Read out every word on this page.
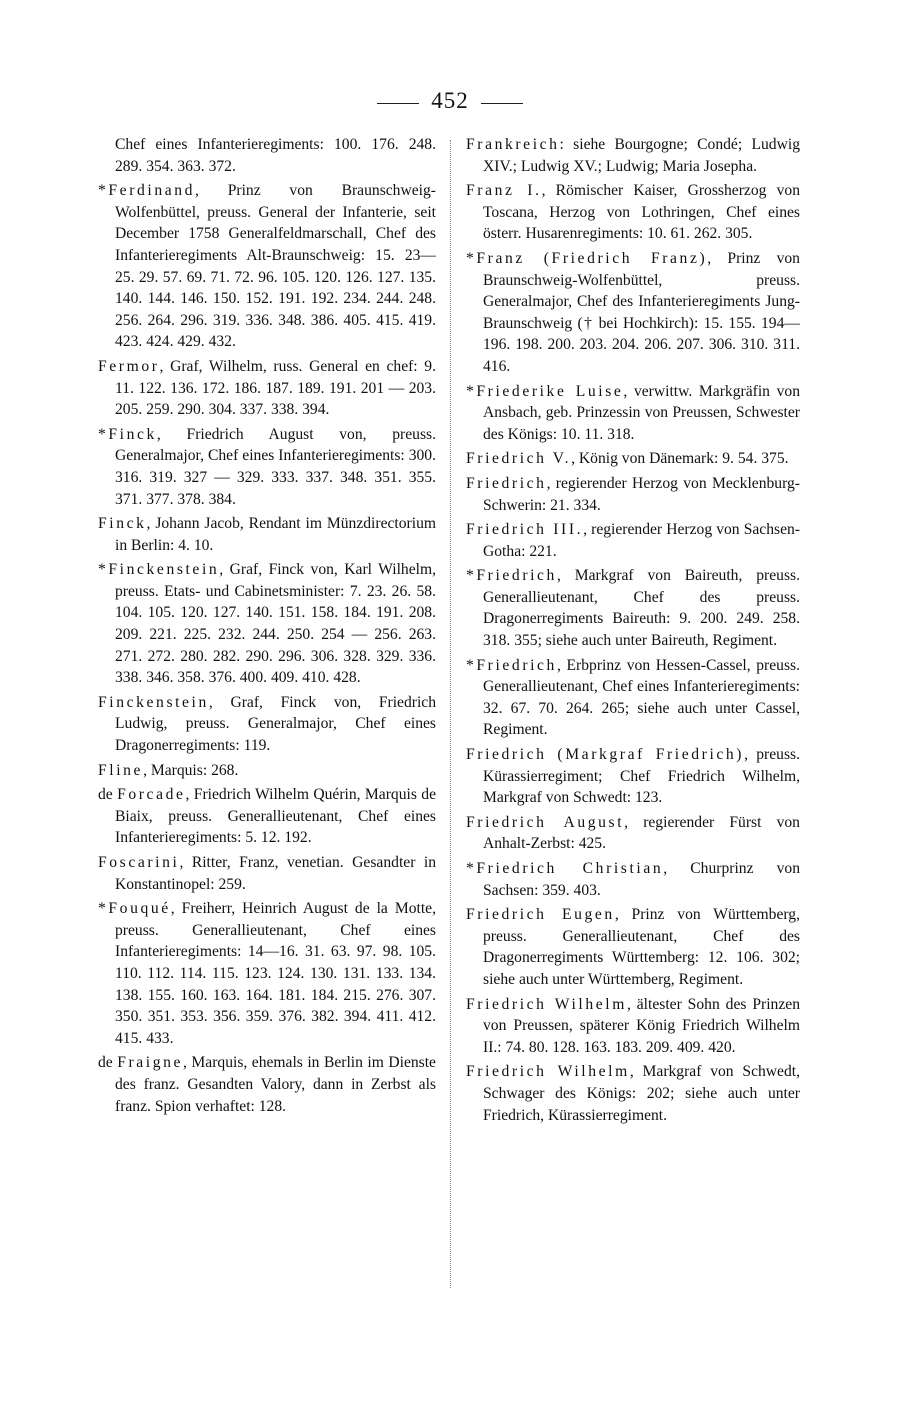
452

Chef eines Infanterieregiments: 100. 176. 248. 289. 354. 363. 372.

*Ferdinand, Prinz von Braunschweig-Wolfenbüttel, preuss. General der Infanterie, seit December 1758 Generalfeldmarschall, Chef des Infanterieregiments Alt-Braunschweig: 15. 23—25. 29. 57. 69. 71. 72. 96. 105. 120. 126. 127. 135. 140. 144. 146. 150. 152. 191. 192. 234. 244. 248. 256. 264. 296. 319. 336. 348. 386. 405. 415. 419. 423. 424. 429. 432.

Fermor, Graf, Wilhelm, russ. General en chef: 9. 11. 122. 136. 172. 186. 187. 189. 191. 201 — 203. 205. 259. 290. 304. 337. 338. 394.

*Finck, Friedrich August von, preuss. Generalmajor, Chef eines Infanterieregiments: 300. 316. 319. 327 — 329. 333. 337. 348. 351. 355. 371. 377. 378. 384.

Finck, Johann Jacob, Rendant im Münzdirectorium in Berlin: 4. 10.

*Finckenstein, Graf, Finck von, Karl Wilhelm, preuss. Etats- und Cabinetsminister: 7. 23. 26. 58. 104. 105. 120. 127. 140. 151. 158. 184. 191. 208. 209. 221. 225. 232. 244. 250. 254 — 256. 263. 271. 272. 280. 282. 290. 296. 306. 328. 329. 336. 338. 346. 358. 376. 400. 409. 410. 428.

Finckenstein, Graf, Finck von, Friedrich Ludwig, preuss. Generalmajor, Chef eines Dragonerregiments: 119.

Fline, Marquis: 268.

de Forcade, Friedrich Wilhelm Quérin, Marquis de Biaix, preuss. Generallieutenant, Chef eines Infanterieregiments: 5. 12. 192.

Foscarini, Ritter, Franz, venetian. Gesandter in Konstantinopel: 259.

*Fouqué, Freiherr, Heinrich August de la Motte, preuss. Generallieutenant, Chef eines Infanterieregiments: 14—16. 31. 63. 97. 98. 105. 110. 112. 114. 115. 123. 124. 130. 131. 133. 134. 138. 155. 160. 163. 164. 181. 184. 215. 276. 307. 350. 351. 353. 356. 359. 376. 382. 394. 411. 412. 415. 433.

de Fraigne, Marquis, ehemals in Berlin im Dienste des franz. Gesandten Valory, dann in Zerbst als franz. Spion verhaftet: 128.

Frankreich: siehe Bourgogne; Condé; Ludwig XIV.; Ludwig XV.; Ludwig; Maria Josepha.

Franz I., Römischer Kaiser, Grossherzog von Toscana, Herzog von Lothringen, Chef eines österr. Husarenregiments: 10. 61. 262. 305.

*Franz (Friedrich Franz), Prinz von Braunschweig-Wolfenbüttel, preuss. Generalmajor, Chef des Infanterieregiments Jung-Braunschweig († bei Hochkirch): 15. 155. 194—196. 198. 200. 203. 204. 206. 207. 306. 310. 311. 416.

*Friederike Luise, verwittw. Markgräfin von Ansbach, geb. Prinzessin von Preussen, Schwester des Königs: 10. 11. 318.

Friedrich V., König von Dänemark: 9. 54. 375.

Friedrich, regierender Herzog von Mecklenburg-Schwerin: 21. 334.

Friedrich III., regierender Herzog von Sachsen-Gotha: 221.

*Friedrich, Markgraf von Baireuth, preuss. Generallieutenant, Chef des preuss. Dragonerregiments Baireuth: 9. 200. 249. 258. 318. 355; siehe auch unter Baireuth, Regiment.

*Friedrich, Erbprinz von Hessen-Cassel, preuss. Generallieutenant, Chef eines Infanterieregiments: 32. 67. 70. 264. 265; siehe auch unter Cassel, Regiment.

Friedrich (Markgraf Friedrich), preuss. Kürassierregiment; Chef Friedrich Wilhelm, Markgraf von Schwedt: 123.

Friedrich August, regierender Fürst von Anhalt-Zerbst: 425.

*Friedrich Christian, Churprinz von Sachsen: 359. 403.

Friedrich Eugen, Prinz von Württemberg, preuss. Generallieutenant, Chef des Dragonerregiments Württemberg: 12. 106. 302; siehe auch unter Württemberg, Regiment.

Friedrich Wilhelm, ältester Sohn des Prinzen von Preussen, späterer König Friedrich Wilhelm II.: 74. 80. 128. 163. 183. 209. 409. 420.

Friedrich Wilhelm, Markgraf von Schwedt, Schwager des Königs: 202; siehe auch unter Friedrich, Kürassierregiment.
